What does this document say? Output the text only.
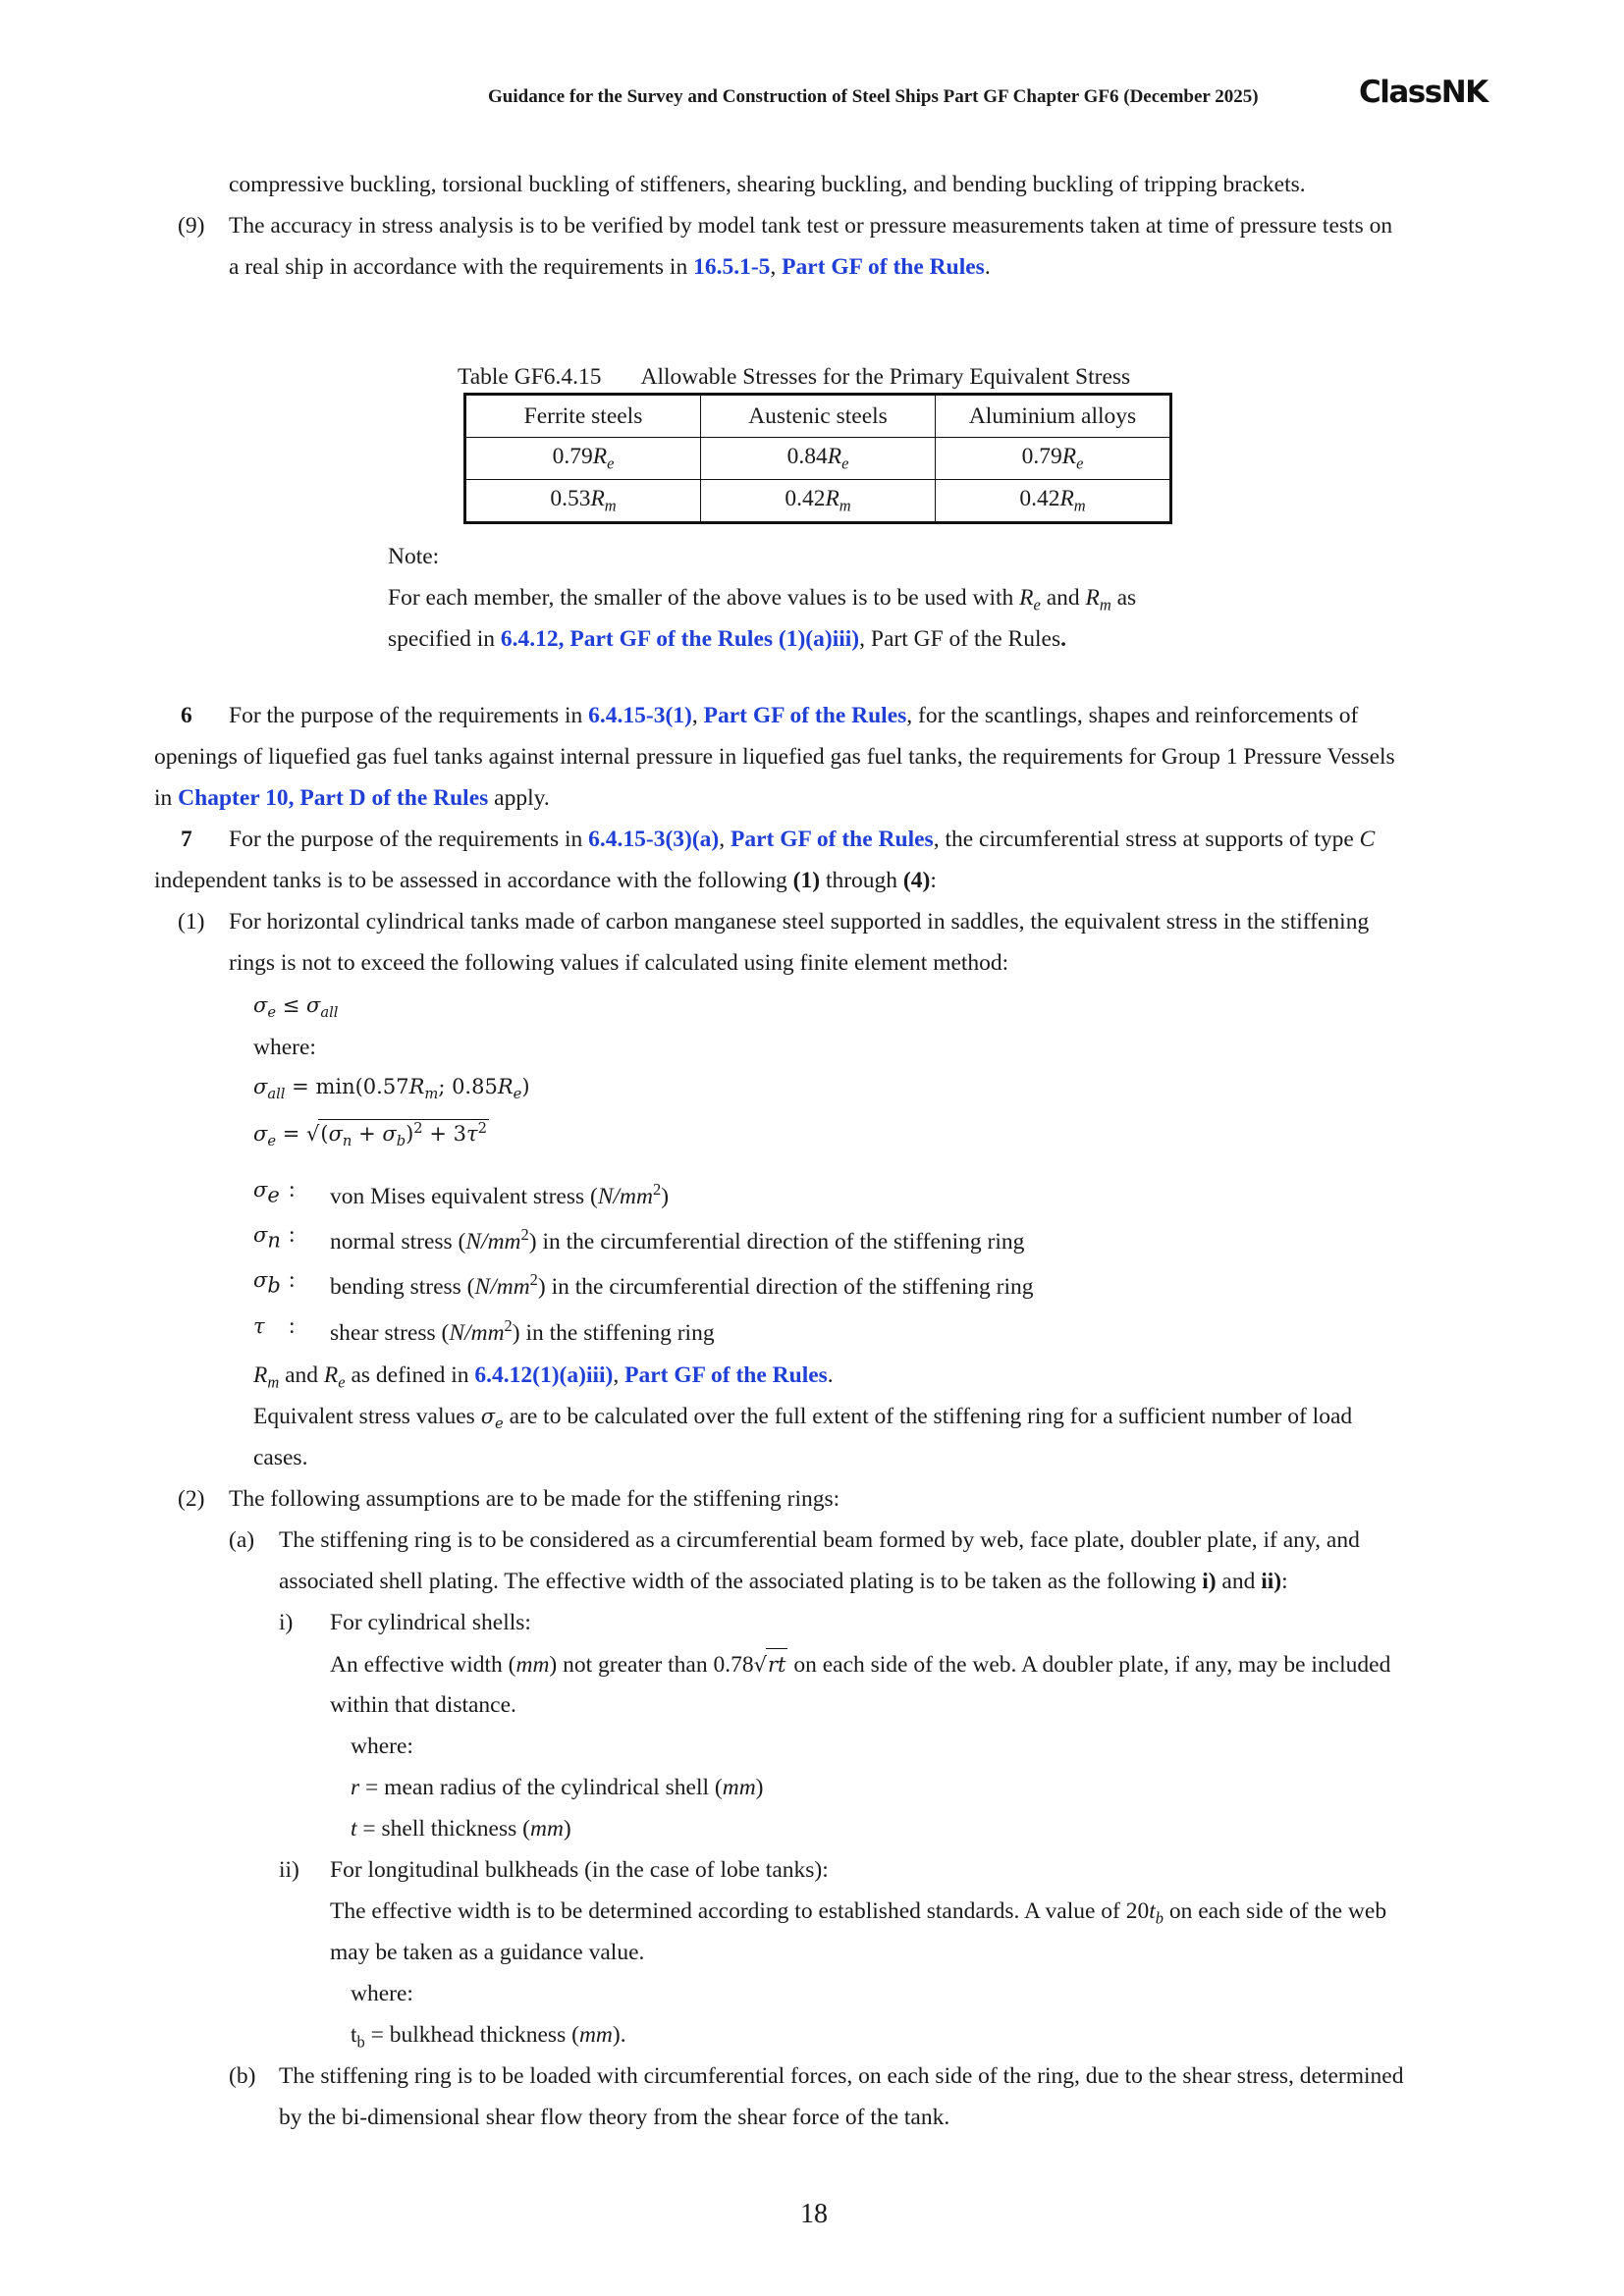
Guidance for the Survey and Construction of Steel Ships Part GF Chapter GF6 (December 2025)	ClassNK
compressive buckling, torsional buckling of stiffeners, shearing buckling, and bending buckling of tripping brackets.
(9) The accuracy in stress analysis is to be verified by model tank test or pressure measurements taken at time of pressure tests on
a real ship in accordance with the requirements in 16.5.1-5, Part GF of the Rules.
Table GF6.4.15 Allowable Stresses for the Primary Equivalent Stress
Ferrite steels	Austenic steels	Aluminium alloys
$0.79R_e$	$0.84R_e$	$0.79R_e$
$0.53R_m$	$0.42R_m$	$0.42R_m$
Note:
For each member, the smaller of the above values is to be used with $R_e$ and $R_m$ as
specified in 6.4.12, Part GF of the Rules (1)(a)iii), Part GF of the Rules.
6 For the purpose of the requirements in 6.4.15-3(1), Part GF of the Rules, for the scantlings, shapes and reinforcements of
openings of liquefied gas fuel tanks against internal pressure in liquefied gas fuel tanks, the requirements for Group 1 Pressure Vessels
in Chapter 10, Part D of the Rules apply.
7 For the purpose of the requirements in 6.4.15-3(3)(a), Part GF of the Rules, the circumferential stress at supports of type C
independent tanks is to be assessed in accordance with the following (1) through (4):
(1) For horizontal cylindrical tanks made of carbon manganese steel supported in saddles, the equivalent stress in the stiffening
rings is not to exceed the following values if calculated using finite element method:
$\sigma_e \le \sigma_{all}$
where:
$\sigma_{all} = \min(0.57R_m$; $0.85R_e$)
$\sigma_e = √(\sigma_n + \sigma_b)^2 + 3\tau^2$
$\sigma_e$ : von Mises equivalent stress $(N/mm^2)$
$\sigma_n$ : normal stress $(N/mm^2)$ in the circumferential direction of the stiffening ring
$\sigma_b$ : bending stress $(N/mm^2)$ in the circumferential direction of the stiffening ring
τ : shear stress $(N/mm^2)$ in the stiffening ring
$R_m$ and $R_e$ as defined in 6.4.12(1)(a)iii), Part GF of the Rules.
Equivalent stress values $\sigma_e$ are to be calculated over the full extent of the stiffening ring for a sufficient number of load
cases.
(2) The following assumptions are to be made for the stiffening rings:
(a) The stiffening ring is to be considered as a circumferential beam formed by web, face plate, doubler plate, if any, and
associated shell plating. The effective width of the associated plating is to be taken as the following i) and ii):
i) For cylindrical shells:
An effective width (mm) not greater than 0.78√rt on each side of the web. A doubler plate, if any, may be included
within that distance.
where:
r = mean radius of the cylindrical shell (mm)
t = shell thickness (mm)
ii) For longitudinal bulkheads (in the case of lobe tanks):
The effective width is to be determined according to established standards. A value of $20t_b$ on each side of the web
may be taken as a guidance value.
where:
$t_b$ = bulkhead thickness (mm).
(b) The stiffening ring is to be loaded with circumferential forces, on each side of the ring, due to the shear stress, determined
by the bi-dimensional shear flow theory from the shear force of the tank.
18
